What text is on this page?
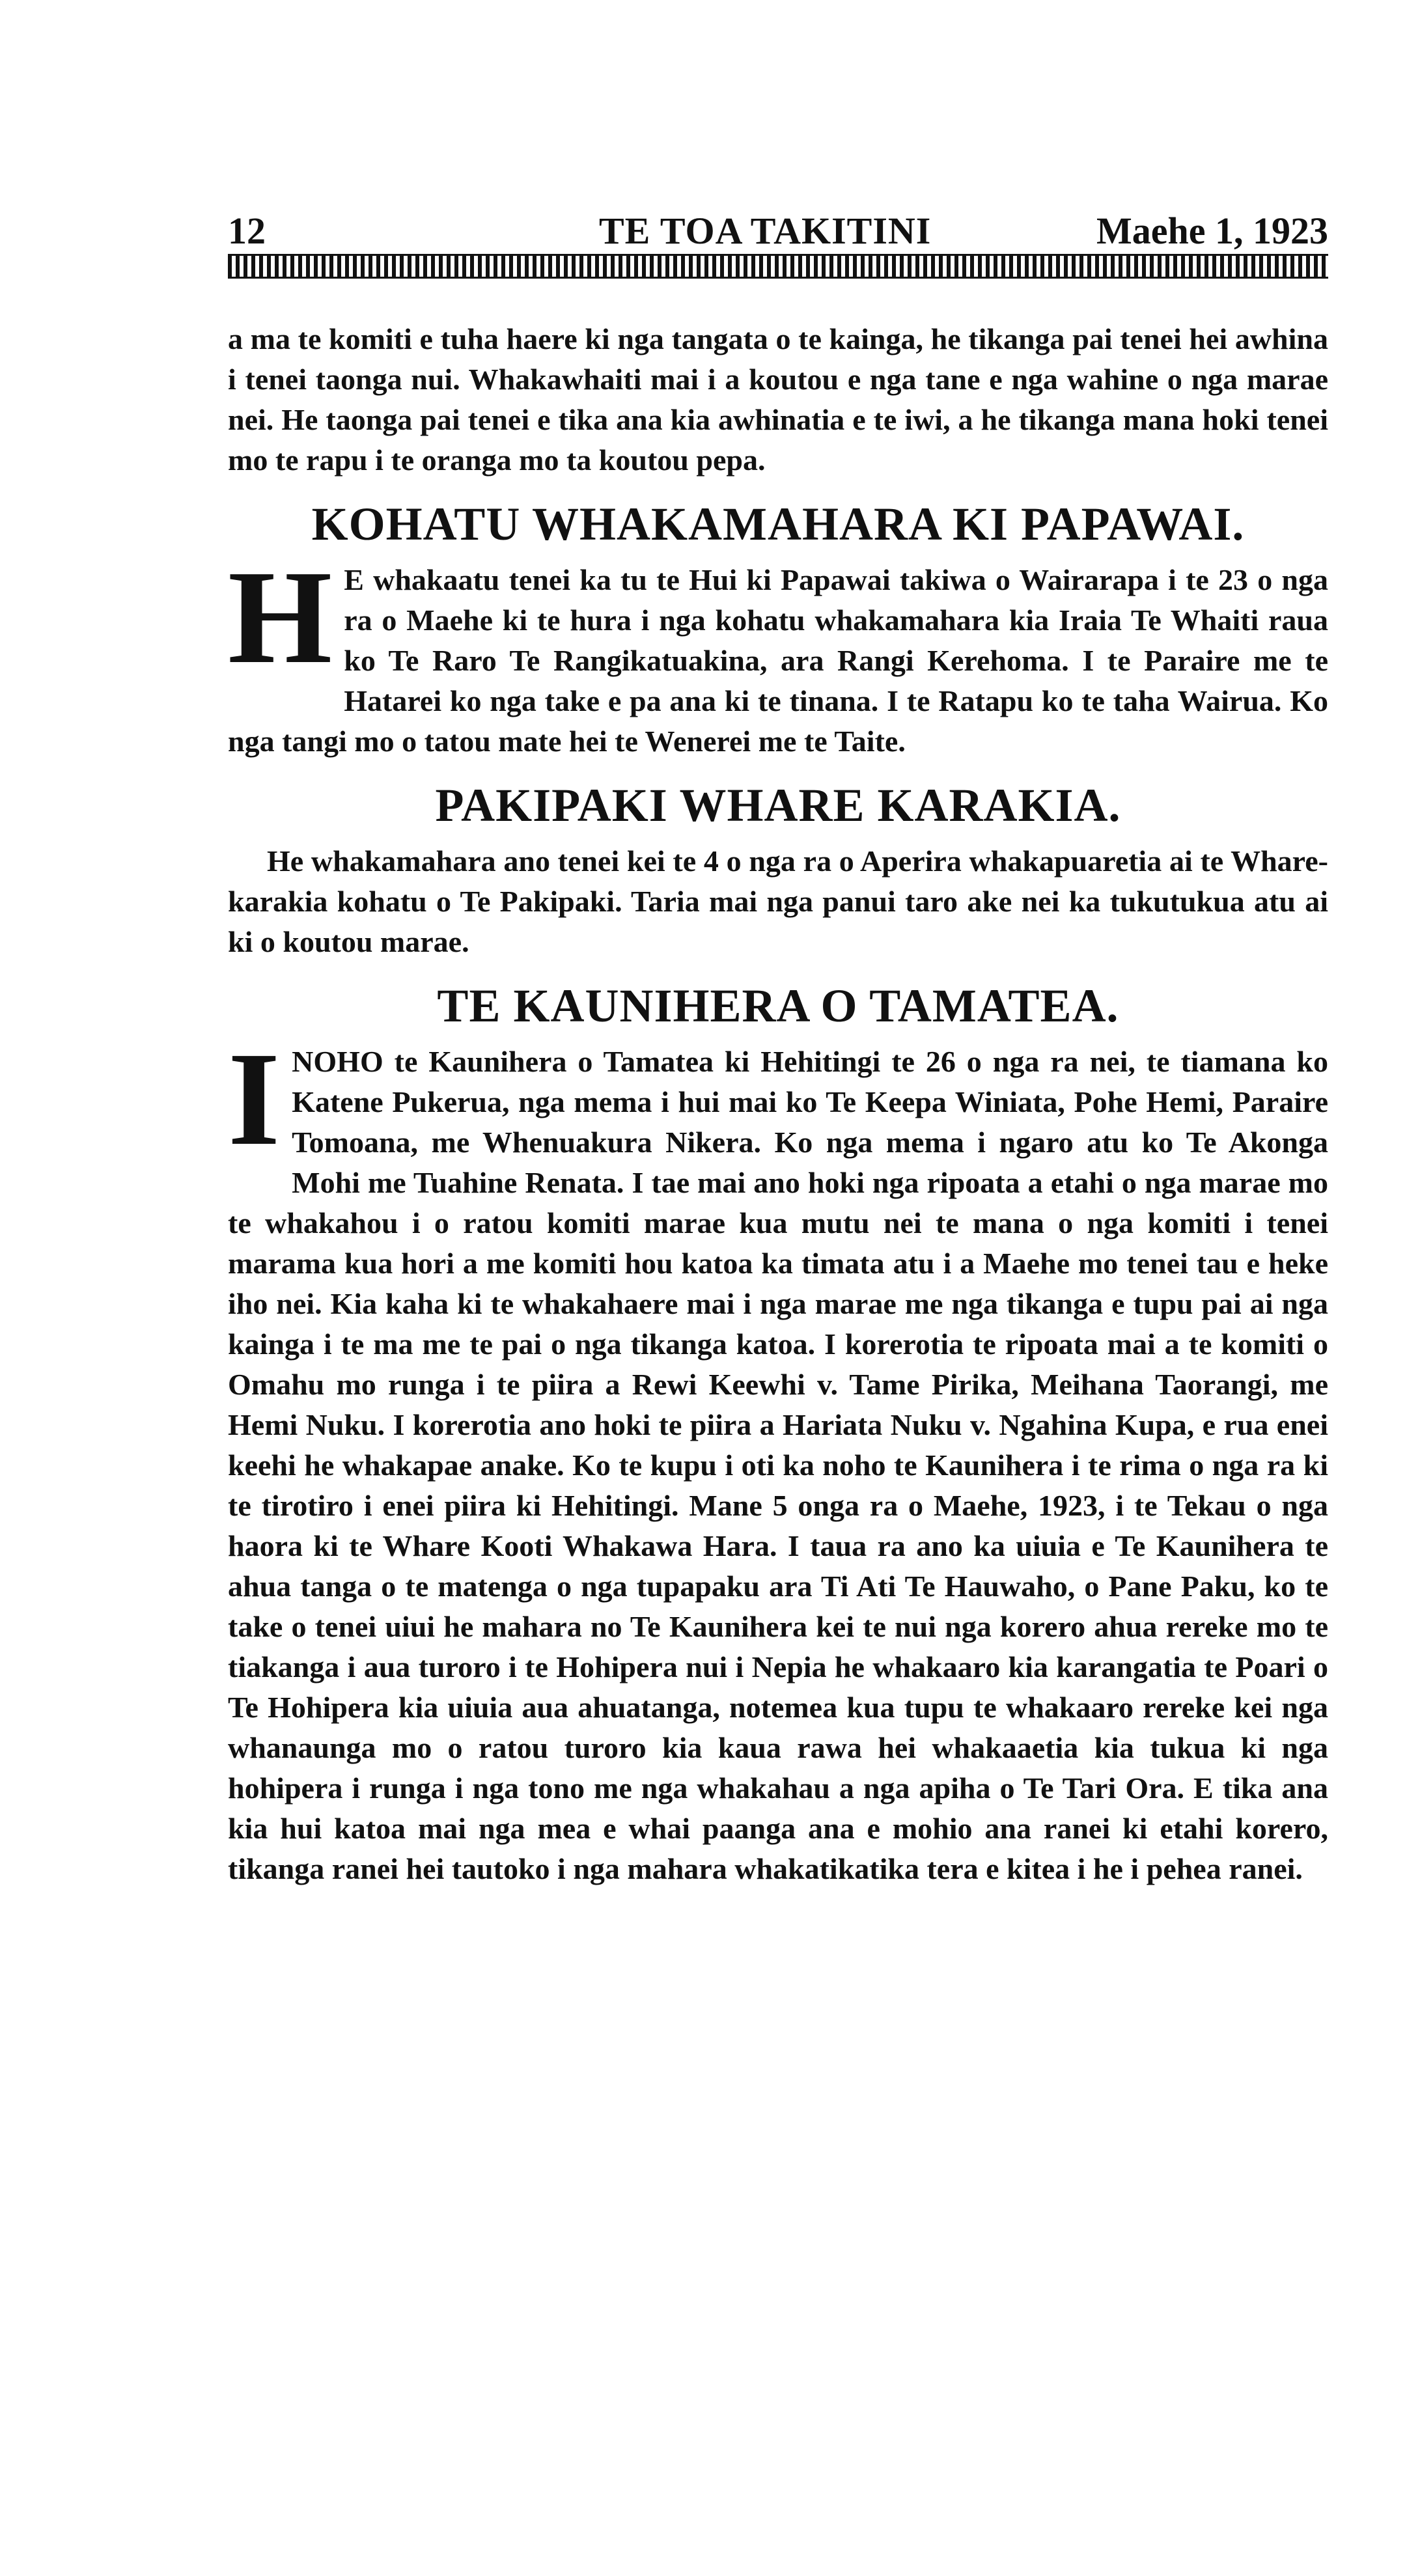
12	TE TOA TAKITINI	Maehe 1, 1923

a ma te komiti e tuha haere ki nga tangata o te kainga, he tikanga pai tenei hei awhina i tenei taonga nui. Whakawhaiti mai i a koutou e nga tane e nga wahine o nga marae nei. He taonga pai tenei e tika ana kia awhinatia e te iwi, a he tikanga mana hoki tenei mo te rapu i te oranga mo ta koutou pepa.

KOHATU WHAKAMAHARA KI PAPAWAI.

H E whakaatu tenei ka tu te Hui ki Papawai takiwa o Wairarapa i te 23 o nga ra o Maehe ki te hura i nga kohatu whakamahara kia Iraia Te Whaiti raua ko Te Raro Te Rangikatuakina, ara Rangi Kerehoma. I te Paraire me te Hatarei ko nga take e pa ana ki te tinana. I te Ratapu ko te taha Wairua. Ko nga tangi mo o tatou mate hei te Wenerei me te Taite.

PAKIPAKI WHARE KARAKIA.

He whakamahara ano tenei kei te 4 o nga ra o Aperira whakapuaretia ai te Whare-karakia kohatu o Te Pakipaki. Taria mai nga panui taro ake nei ka tukutukua atu ai ki o koutou marae.

TE KAUNIHERA O TAMATEA.

INOHO te Kaunihera o Tamatea ki Hehitingi te 26 o nga ra nei, te tiamana ko Katene Pukerua, nga mema i hui mai ko Te Keepa Winiata, Pohe Hemi, Paraire Tomoana, me Whenuakura Nikera. Ko nga mema i ngaro atu ko Te Akonga Mohi me Tuahine Renata. I tae mai ano hoki nga ripoata a etahi o nga marae mo te whakahou i o ratou komiti marae kua mutu nei te mana o nga komiti i tenei marama kua hori a me komiti hou katoa ka timata atu i a Maehe mo tenei tau e heke iho nei. Kia kaha ki te whakahaere mai i nga marae me nga tikanga e tupu pai ai nga kainga i te ma me te pai o nga tikanga katoa. I korerotia te ripoata mai a te komiti o Omahu mo runga i te piira a Rewi Keewhi v. Tame Pirika, Meihana Taorangi, me Hemi Nuku. I korerotia ano hoki te piira a Hariata Nuku v. Ngahina Kupa, e rua enei keehi he whakapae anake. Ko te kupu i oti ka noho te Kaunihera i te rima o nga ra ki te tirotiro i enei piira ki Hehitingi. Mane 5 onga ra o Maehe, 1923, i te Tekau o nga haora ki te Whare Kooti Whakawa Hara. I taua ra ano ka uiuia e Te Kaunihera te ahua tanga o te matenga o nga tupapaku ara Ti Ati Te Hauwaho, o Pane Paku, ko te take o tenei uiui he mahara no Te Kaunihera kei te nui nga korero ahua rereke mo te tiakanga i aua turoro i te Hohipera nui i Nepia he whakaaro kia karangatia te Poari o Te Hohipera kia uiuia aua ahuatanga, notemea kua tupu te whakaaro rereke kei nga whanaunga mo o ratou turoro kia kaua rawa hei whakaaetia kia tukua ki nga hohipera i runga i nga tono me nga whakahau a nga apiha o Te Tari Ora. E tika ana kia hui katoa mai nga mea e whai paanga ana e mohio ana ranei ki etahi korero, tikanga ranei hei tautoko i nga mahara whakatikatika tera e kitea i he i pehea ranei.
